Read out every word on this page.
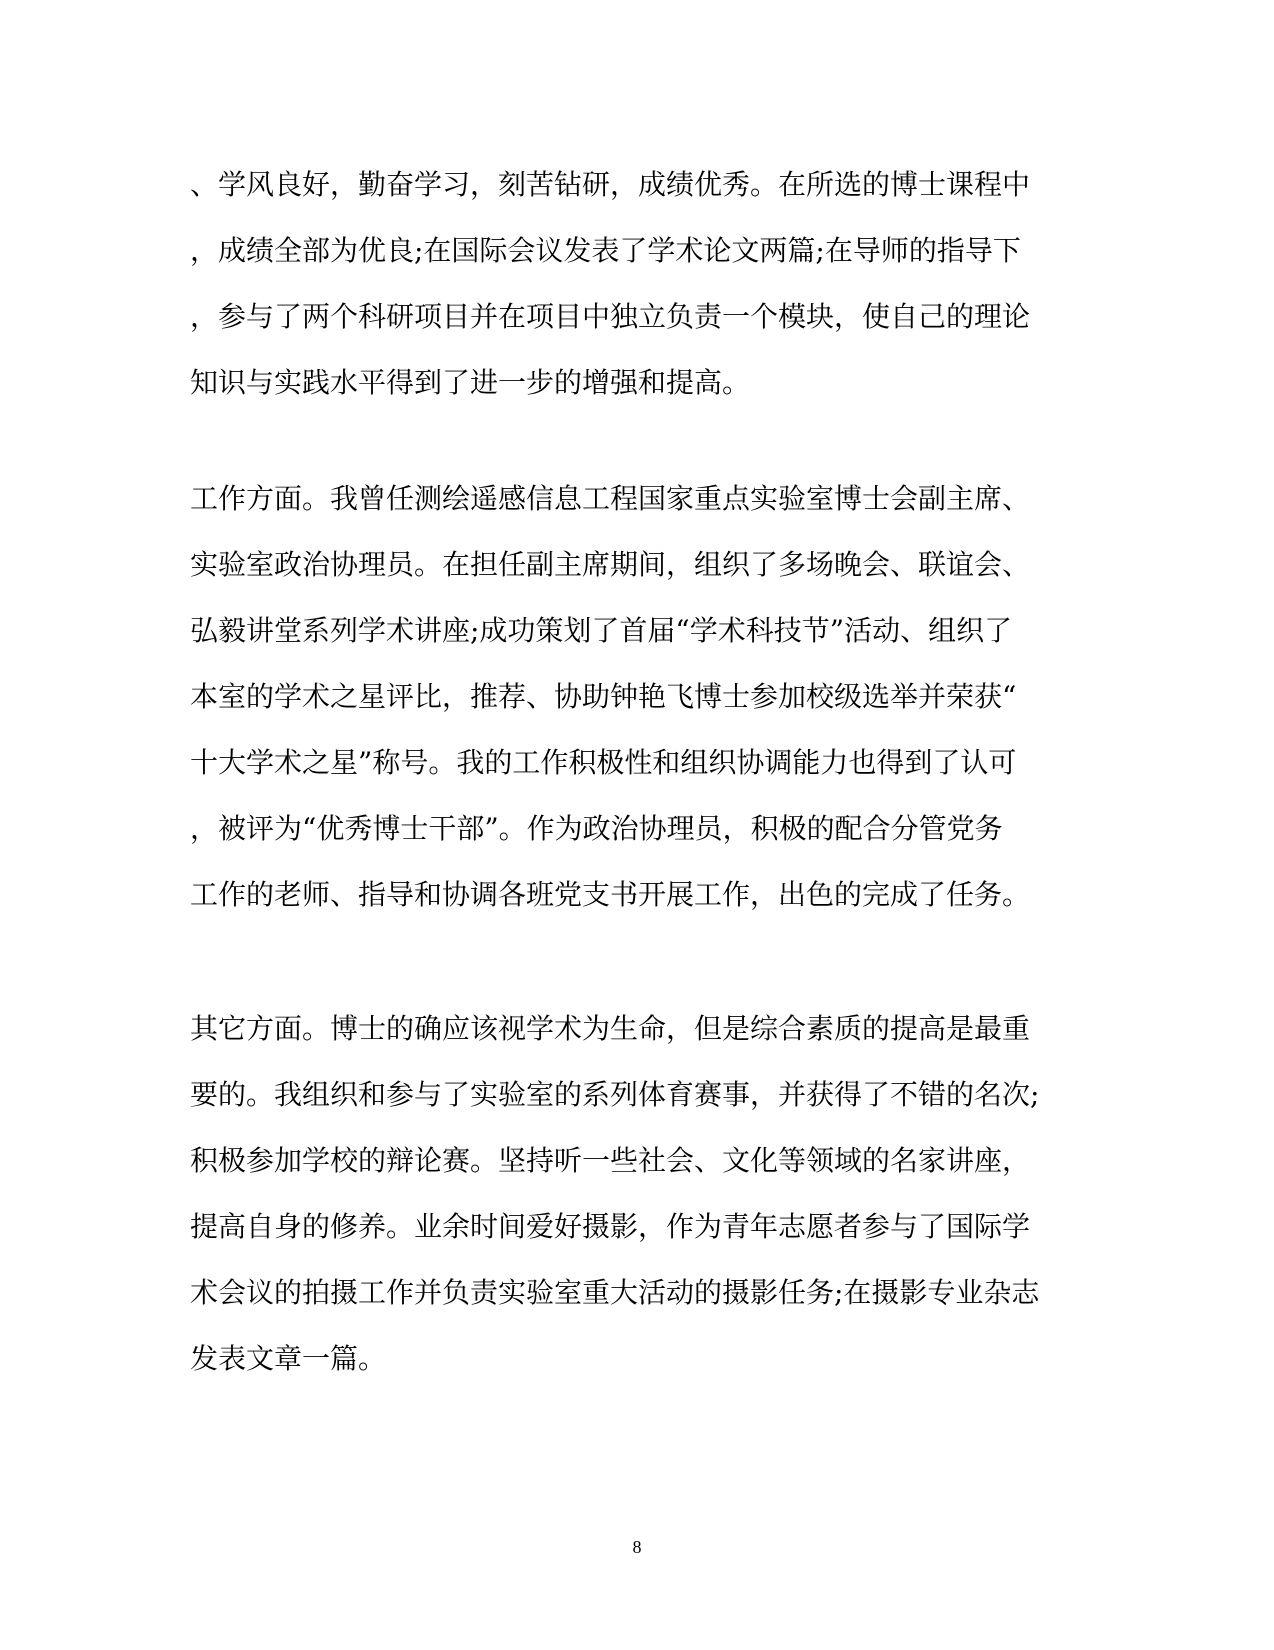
、学风良好，勤奋学习，刻苦钻研，成绩优秀。在所选的博士课程中
，成绩全部为优良;在国际会议发表了学术论文两篇;在导师的指导下
，参与了两个科研项目并在项目中独立负责一个模块，使自己的理论
知识与实践水平得到了进一步的增强和提高。
工作方面。我曾任测绘遥感信息工程国家重点实验室博士会副主席、
实验室政治协理员。在担任副主席期间，组织了多场晚会、联谊会、
弘毅讲堂系列学术讲座;成功策划了首届“学术科技节”活动、组织了
本室的学术之星评比，推荐、协助钟艳飞博士参加校级选举并荣获“
十大学术之星”称号。我的工作积极性和组织协调能力也得到了认可
，被评为“优秀博士干部”。作为政治协理员，积极的配合分管党务
工作的老师、指导和协调各班党支书开展工作，出色的完成了任务。
其它方面。博士的确应该视学术为生命，但是综合素质的提高是最重
要的。我组织和参与了实验室的系列体育赛事，并获得了不错的名次;
积极参加学校的辩论赛。坚持听一些社会、文化等领域的名家讲座，
提高自身的修养。业余时间爱好摄影，作为青年志愿者参与了国际学
术会议的拍摄工作并负责实验室重大活动的摄影任务;在摄影专业杂志
发表文章一篇。
8
